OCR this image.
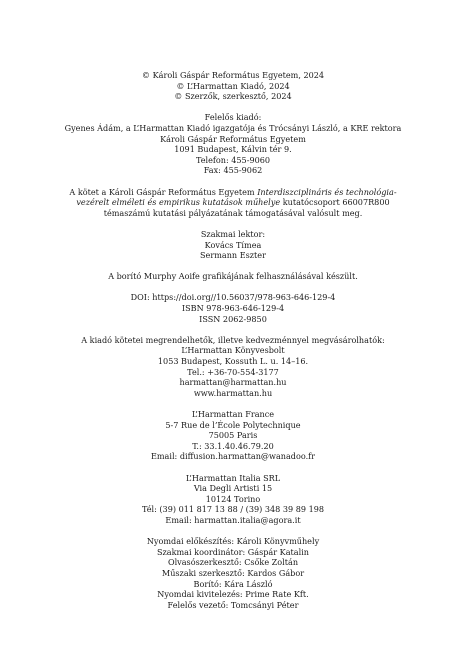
© Károli Gáspár Református Egyetem, 2024
© L’Harmattan Kiadó, 2024
© Szerzők, szerkesztő, 2024
Felelős kiadó:
Gyenes Ádám, a L’Harmattan Kiadó igazgatója és Trócsányi László, a KRE rektora
Károli Gáspár Református Egyetem
1091 Budapest, Kálvin tér 9.
Telefon: 455-9060
Fax: 455-9062

A kötet a Károli Gáspár Református Egyetem Interdiszciplináris és technológia-vezérelt elméleti és empirikus kutatások műhelye kutatócsoport 66007R800 témaszámú kutatási pályázatának támogatásával valósult meg.

Szakmai lektor:
Kovács Tímea
Sermann Eszter
A borító Murphy Aoife grafikájának felhasználásával készült.
DOI: https://doi.org//10.56037/978-963-646-129-4
ISBN 978-963-646-129-4
ISSN 2062-9850
A kiadó kötetei megrendelhetők, illetve kedvezménnyel megvásárolhatók:
L’Harmattan Könyvesbolt
1053 Budapest, Kossuth L. u. 14–16.
Tel.: +36-70-554-3177
harmattan@harmattan.hu
www.harmattan.hu
L’Harmattan France
5-7 Rue de l’École Polytechnique
75005 Paris
T.: 33.1.40.46.79.20
Email: diffusion.harmattan@wanadoo.fr
L’Harmattan Italia SRL
Via Degli Artisti 15
10124 Torino
Tél: (39) 011 817 13 88 / (39) 348 39 89 198
Email: harmattan.italia@agora.it
Nyomdai előkészítés: Károli Könyvműhely
Szakmai koordinátor: Gáspár Katalin
Olvasószerkesztő: Csőke Zoltán
Műszaki szerkesztő: Kardos Gábor
Borító: Kára László
Nyomdai kivitelezés: Prime Rate Kft.
Felelős vezető: Tomcsányi Péter
